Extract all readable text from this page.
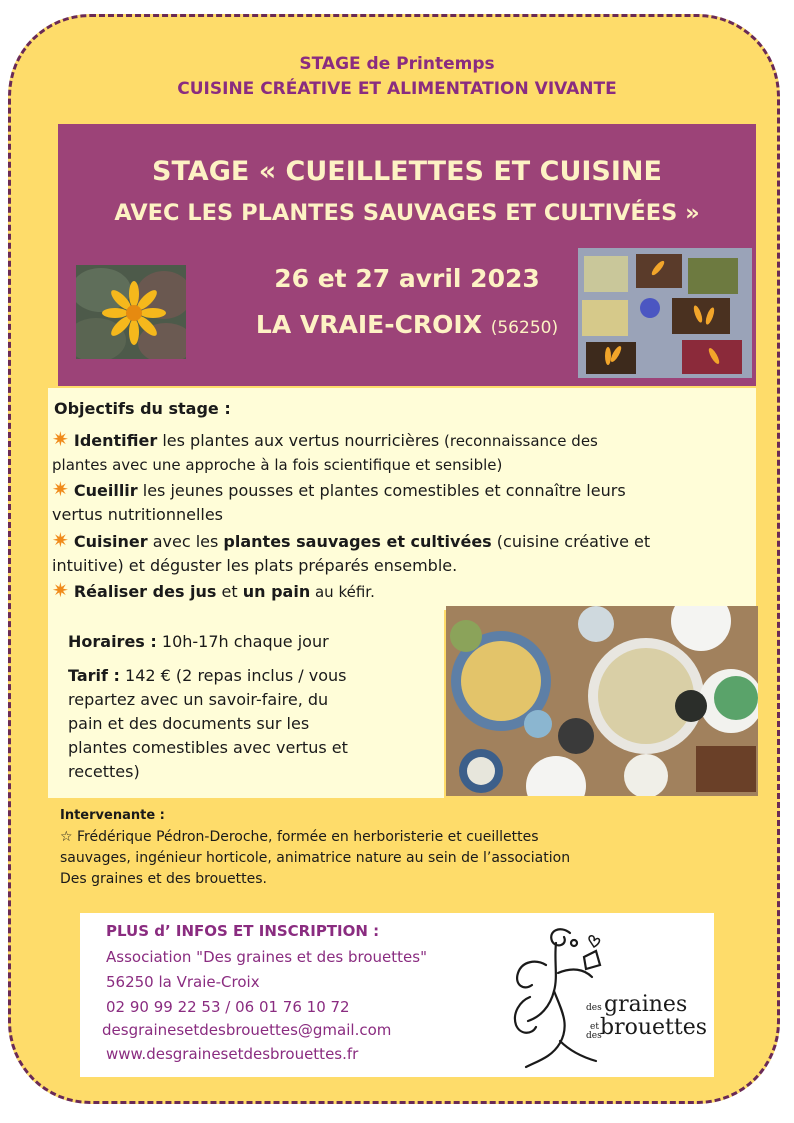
STAGE de Printemps
CUISINE CRÉATIVE ET ALIMENTATION VIVANTE
STAGE « CUEILLETTES ET CUISINE
AVEC LES PLANTES SAUVAGES ET CULTIVÉES »
26 et 27 avril 2023
LA VRAIE-CROIX (56250)
Objectifs du stage :
✷ Identifier les plantes aux vertus nourricières (reconnaissance des
plantes avec une approche à la fois scientifique et sensible)
✷ Cueillir les jeunes pousses et plantes comestibles et connaître leurs
vertus nutritionnelles
✷ Cuisiner avec les plantes sauvages et cultivées (cuisine créative et
intuitive) et déguster les plats préparés ensemble.
✷ Réaliser des jus et un pain au kéfir.
Horaires : 10h-17h chaque jour
Tarif : 142 € (2 repas inclus / vous
repartez avec un savoir-faire, du
pain et des documents sur les
plantes comestibles avec vertus et
recettes)
Intervenante :
☆ Frédérique Pédron-Deroche, formée en herboristerie et cueillettes
sauvages, ingénieur horticole, animatrice nature au sein de l’association
Des graines et des brouettes.
PLUS d’ INFOS ET INSCRIPTION :
Association "Des graines et des brouettes"
56250 la Vraie-Croix
02 90 99 22 53 / 06 01 76 10 72
desgrainesetdesbrouettes@gmail.com
www.desgrainesetdesbrouettes.fr
des graines
et
des
brouettes
